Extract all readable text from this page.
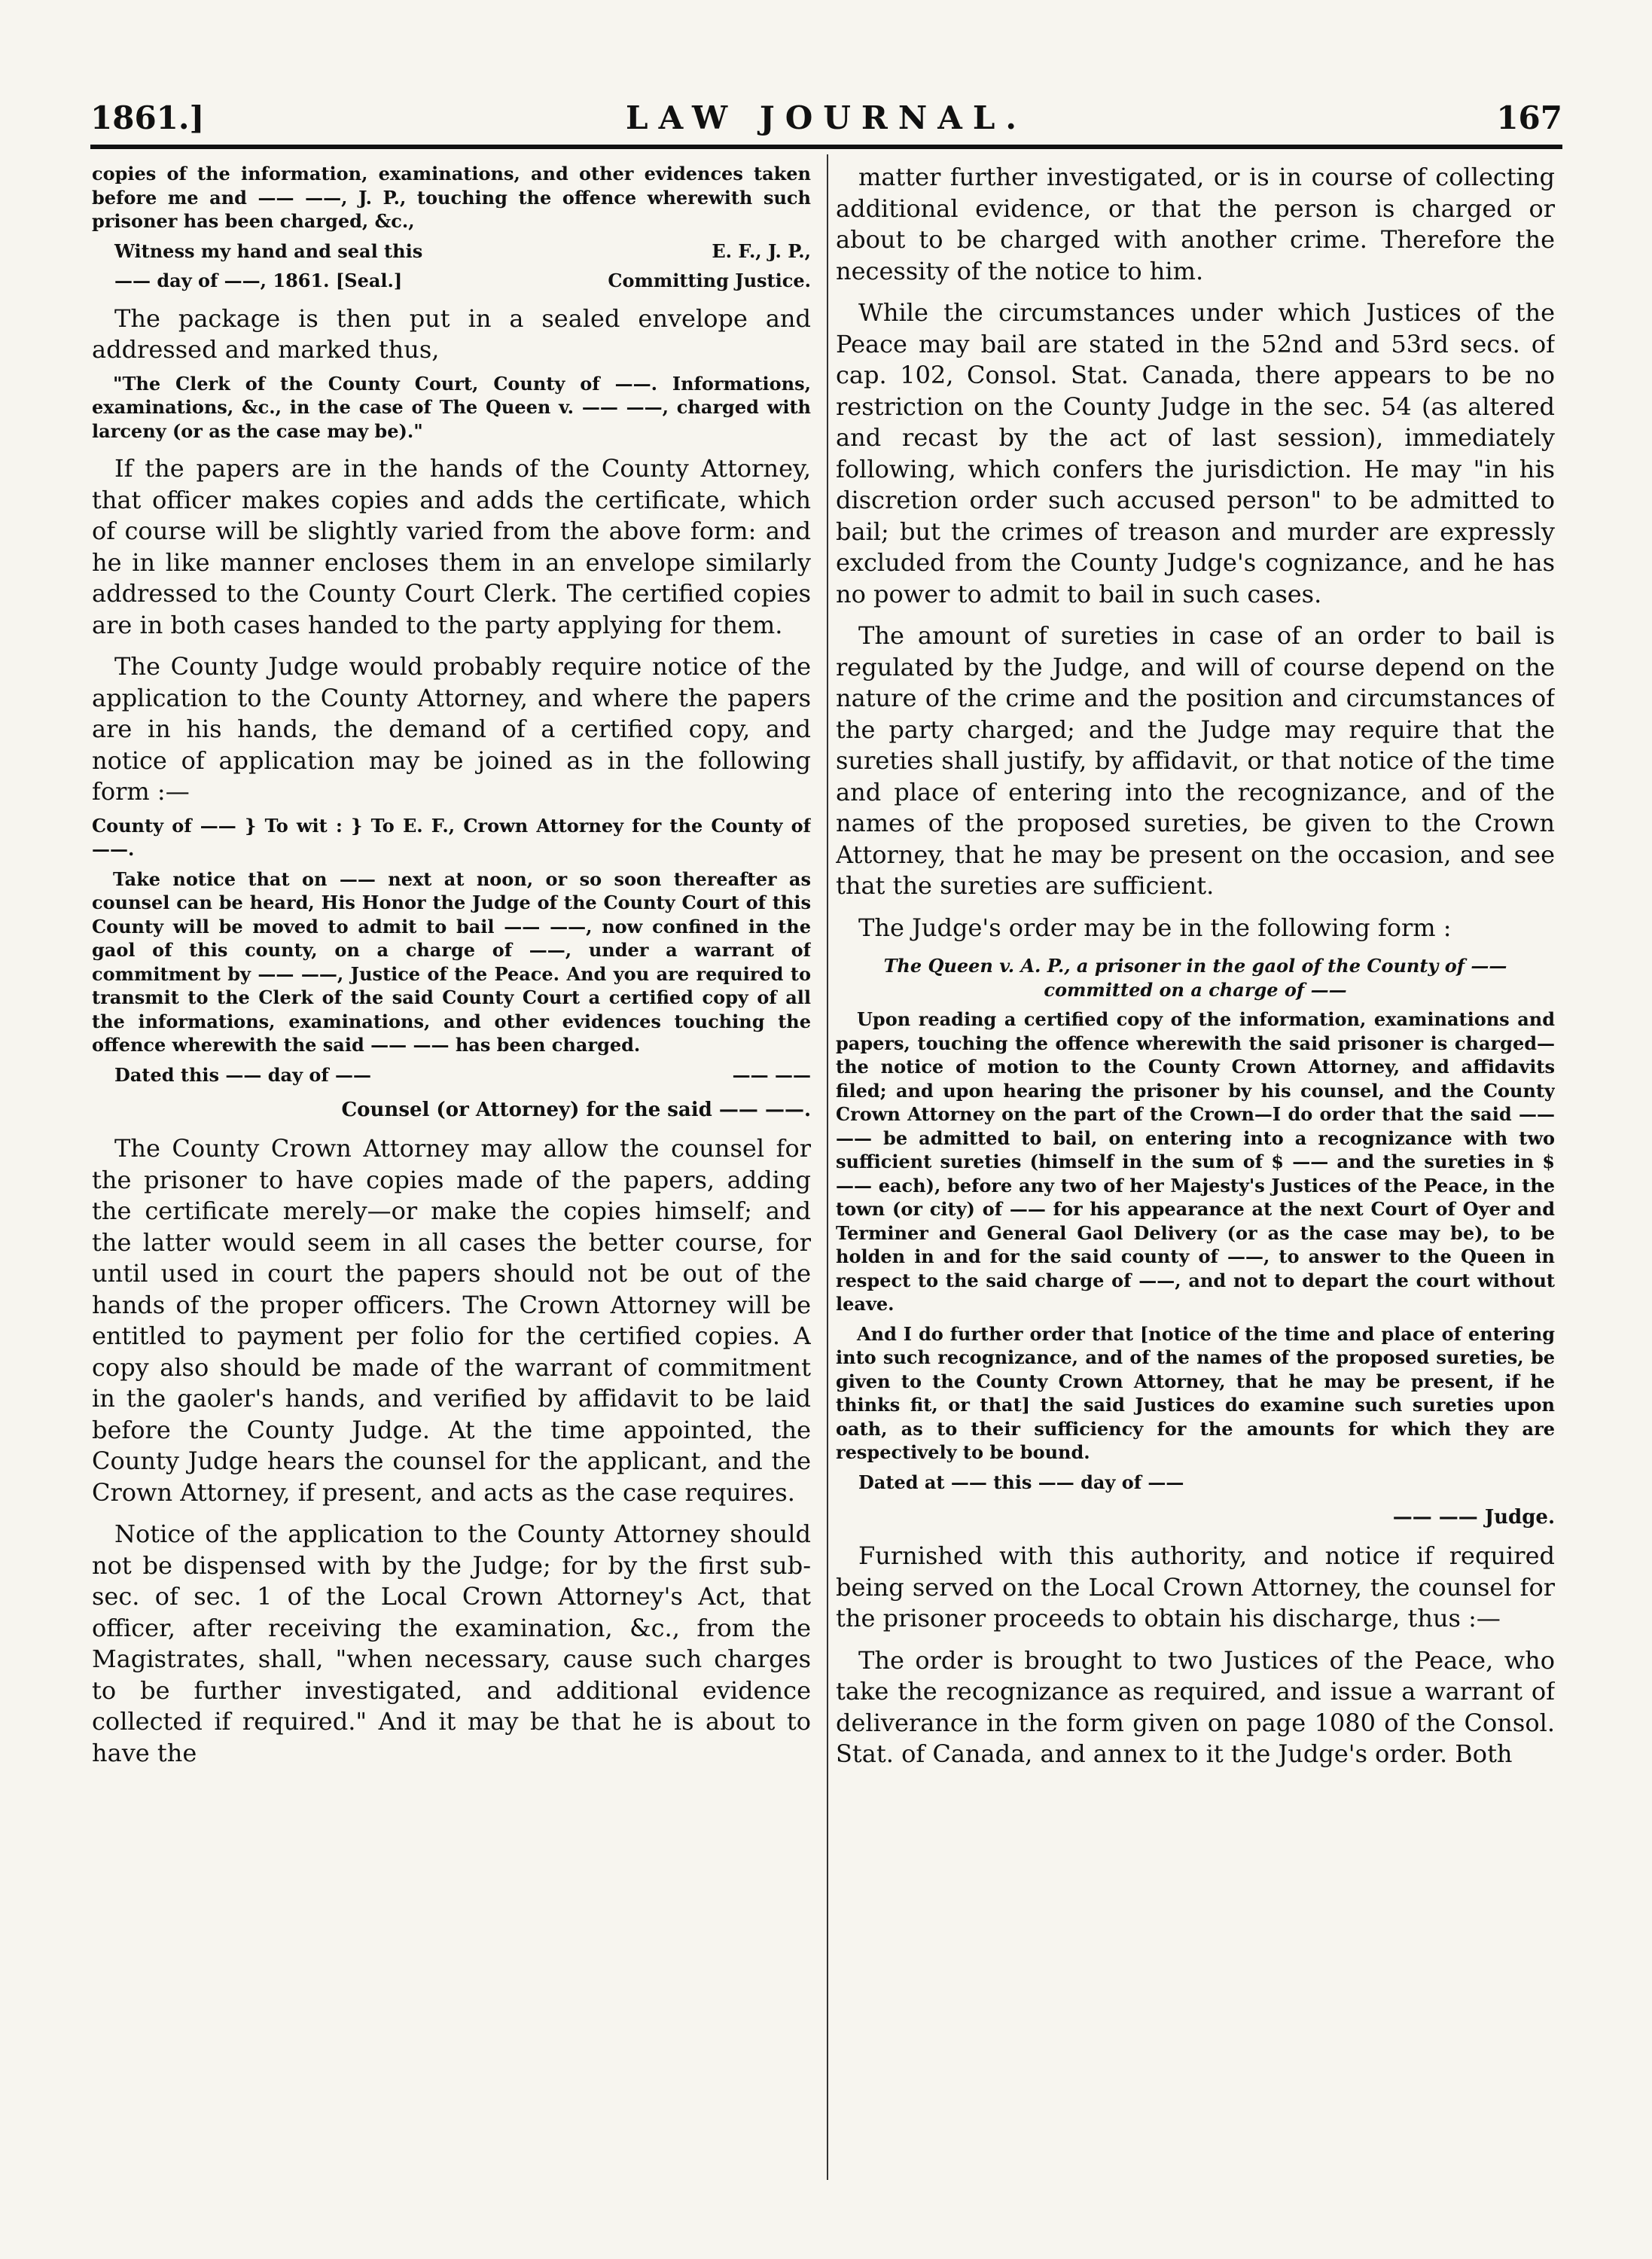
1861.]	LAW JOURNAL.	167

copies of the information, examinations, and other evidences taken before me and —— ——, J. P., touching the offence wherewith such prisoner has been charged, &c.,

Witness my hand and seal this	E. F., J. P.,
—— day of ——, 1861. [Seal.]	Committing Justice.

The package is then put in a sealed envelope and addressed and marked thus,

"The Clerk of the County Court, County of ——. Informations, examinations, &c., in the case of The Queen v. —— ——, charged with larceny (or as the case may be)."

If the papers are in the hands of the County Attorney, that officer makes copies and adds the certificate, which of course will be slightly varied from the above form: and he in like manner encloses them in an envelope similarly addressed to the County Court Clerk. The certified copies are in both cases handed to the party applying for them.

The County Judge would probably require notice of the application to the County Attorney, and where the papers are in his hands, the demand of a certified copy, and notice of application may be joined as in the following form :—

County of —— } To wit : } To E. F., Crown Attorney for the County of——.

Take notice that on —— next at noon, or so soon thereafter as counsel can be heard, His Honor the Judge of the County Court of this County will be moved to admit to bail —— ——, now confined in the gaol of this county, on a charge of ——, under a warrant of commitment by —— ——, Justice of the Peace. And you are required to transmit to the Clerk of the said County Court a certified copy of all the informations, examinations, and other evidences touching the offence wherewith the said —— —— has been charged.

Dated this —— day of ——	—— ——

Counsel (or Attorney) for the said —— ——.

The County Crown Attorney may allow the counsel for the prisoner to have copies made of the papers, adding the certificate merely—or make the copies himself; and the latter would seem in all cases the better course, for until used in court the papers should not be out of the hands of the proper officers. The Crown Attorney will be entitled to payment per folio for the certified copies. A copy also should be made of the warrant of commitment in the gaoler's hands, and verified by affidavit to be laid before the County Judge. At the time appointed, the County Judge hears the counsel for the applicant, and the Crown Attorney, if present, and acts as the case requires.

Notice of the application to the County Attorney should not be dispensed with by the Judge; for by the first sub-sec. of sec. 1 of the Local Crown Attorney's Act, that officer, after receiving the examination, &c., from the Magistrates, shall, "when necessary, cause such charges to be further investigated, and additional evidence collected if required." And it may be that he is about to have the

matter further investigated, or is in course of collecting additional evidence, or that the person is charged or about to be charged with another crime. Therefore the necessity of the notice to him.

While the circumstances under which Justices of the Peace may bail are stated in the 52nd and 53rd secs. of cap. 102, Consol. Stat. Canada, there appears to be no restriction on the County Judge in the sec. 54 (as altered and recast by the act of last session), immediately following, which confers the jurisdiction. He may "in his discretion order such accused person" to be admitted to bail; but the crimes of treason and murder are expressly excluded from the County Judge's cognizance, and he has no power to admit to bail in such cases.

The amount of sureties in case of an order to bail is regulated by the Judge, and will of course depend on the nature of the crime and the position and circumstances of the party charged; and the Judge may require that the sureties shall justify, by affidavit, or that notice of the time and place of entering into the recognizance, and of the names of the proposed sureties, be given to the Crown Attorney, that he may be present on the occasion, and see that the sureties are sufficient.

The Judge's order may be in the following form :

The Queen v. A. P., a prisoner in the gaol of the County of —— committed on a charge of ——

Upon reading a certified copy of the information, examinations and papers, touching the offence wherewith the said prisoner is charged—the notice of motion to the County Crown Attorney, and affidavits filed; and upon hearing the prisoner by his counsel, and the County Crown Attorney on the part of the Crown—I do order that the said —— —— be admitted to bail, on entering into a recognizance with two sufficient sureties (himself in the sum of $ —— and the sureties in $ —— each), before any two of her Majesty's Justices of the Peace, in the town (or city) of —— for his appearance at the next Court of Oyer and Terminer and General Gaol Delivery (or as the case may be), to be holden in and for the said county of ——, to answer to the Queen in respect to the said charge of ——, and not to depart the court without leave.

And I do further order that [notice of the time and place of entering into such recognizance, and of the names of the proposed sureties, be given to the County Crown Attorney, that he may be present, if he thinks fit, or that] the said Justices do examine such sureties upon oath, as to their sufficiency for the amounts for which they are respectively to be bound.

Dated at —— this —— day of ——

—— —— Judge.

Furnished with this authority, and notice if required being served on the Local Crown Attorney, the counsel for the prisoner proceeds to obtain his discharge, thus :—

The order is brought to two Justices of the Peace, who take the recognizance as required, and issue a warrant of deliverance in the form given on page 1080 of the Consol. Stat. of Canada, and annex to it the Judge's order. Both
